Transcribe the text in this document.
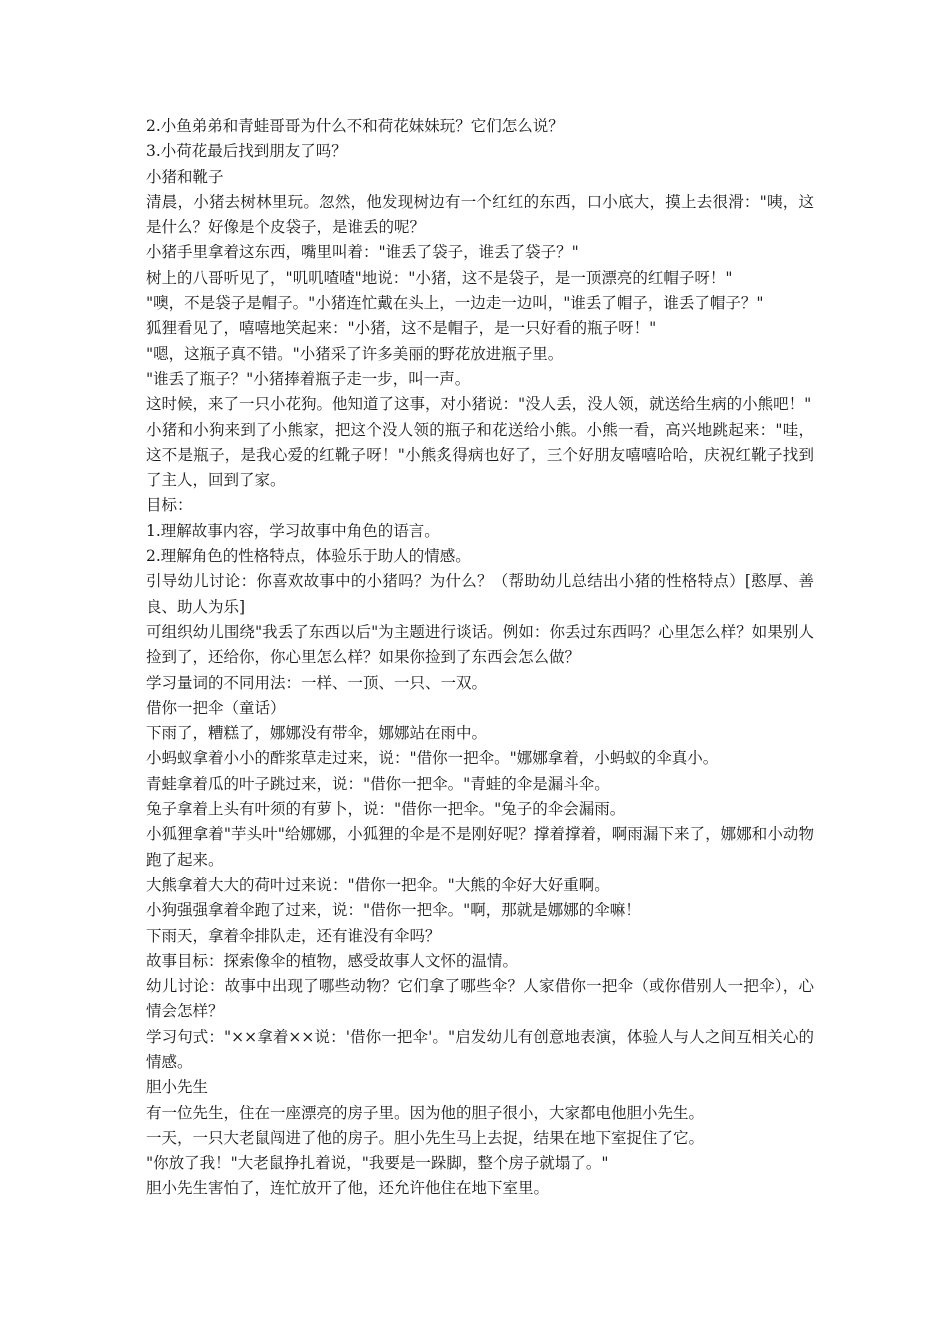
2.小鱼弟弟和青蛙哥哥为什么不和荷花妹妹玩？它们怎么说？

3.小荷花最后找到朋友了吗？

小猪和靴子

清晨，小猪去树林里玩。忽然，他发现树边有一个红红的东西，口小底大，摸上去很滑："咦，这是什么？好像是个皮袋子，是谁丢的呢？

小猪手里拿着这东西，嘴里叫着："谁丢了袋子，谁丢了袋子？"

树上的八哥听见了，"叽叽喳喳"地说："小猪，这不是袋子，是一顶漂亮的红帽子呀！"

"噢，不是袋子是帽子。"小猪连忙戴在头上，一边走一边叫，"谁丢了帽子，谁丢了帽子？"

狐狸看见了，嘻嘻地笑起来："小猪，这不是帽子，是一只好看的瓶子呀！"

"嗯，这瓶子真不错。"小猪采了许多美丽的野花放进瓶子里。

"谁丢了瓶子？"小猪捧着瓶子走一步，叫一声。

这时候，来了一只小花狗。他知道了这事，对小猪说："没人丢，没人领，就送给生病的小熊吧！"

小猪和小狗来到了小熊家，把这个没人领的瓶子和花送给小熊。小熊一看，高兴地跳起来："哇，这不是瓶子，是我心爱的红靴子呀！"小熊炙得病也好了，三个好朋友嘻嘻哈哈，庆祝红靴子找到了主人，回到了家。

目标：

1.理解故事内容，学习故事中角色的语言。

2.理解角色的性格特点，体验乐于助人的情感。

引导幼儿讨论：你喜欢故事中的小猪吗？为什么？（帮助幼儿总结出小猪的性格特点）[憨厚、善良、助人为乐]

可组织幼儿围绕"我丢了东西以后"为主题进行谈话。例如：你丢过东西吗？心里怎么样？如果别人捡到了，还给你，你心里怎么样？如果你捡到了东西会怎么做？

学习量词的不同用法：一样、一顶、一只、一双。

借你一把伞（童话）

下雨了，糟糕了，娜娜没有带伞，娜娜站在雨中。

小蚂蚁拿着小小的酢浆草走过来，说："借你一把伞。"娜娜拿着，小蚂蚁的伞真小。

青蛙拿着瓜的叶子跳过来，说："借你一把伞。"青蛙的伞是漏斗伞。

兔子拿着上头有叶须的有萝卜，说："借你一把伞。"兔子的伞会漏雨。

小狐狸拿着"芋头叶"给娜娜，小狐狸的伞是不是刚好呢？撑着撑着，啊雨漏下来了，娜娜和小动物跑了起来。

大熊拿着大大的荷叶过来说："借你一把伞。"大熊的伞好大好重啊。

小狗强强拿着伞跑了过来，说："借你一把伞。"啊，那就是娜娜的伞嘛！

下雨天，拿着伞排队走，还有谁没有伞吗？

故事目标：探索像伞的植物，感受故事人文怀的温情。

幼儿讨论：故事中出现了哪些动物？它们拿了哪些伞？人家借你一把伞（或你借别人一把伞），心情会怎样？

学习句式："××拿着××说：'借你一把伞'。"启发幼儿有创意地表演，体验人与人之间互相关心的情感。

胆小先生

有一位先生，住在一座漂亮的房子里。因为他的胆子很小，大家都电他胆小先生。

一天，一只大老鼠闯进了他的房子。胆小先生马上去捉，结果在地下室捉住了它。

"你放了我！"大老鼠挣扎着说，"我要是一跺脚，整个房子就塌了。"

胆小先生害怕了，连忙放开了他，还允许他住在地下室里。
